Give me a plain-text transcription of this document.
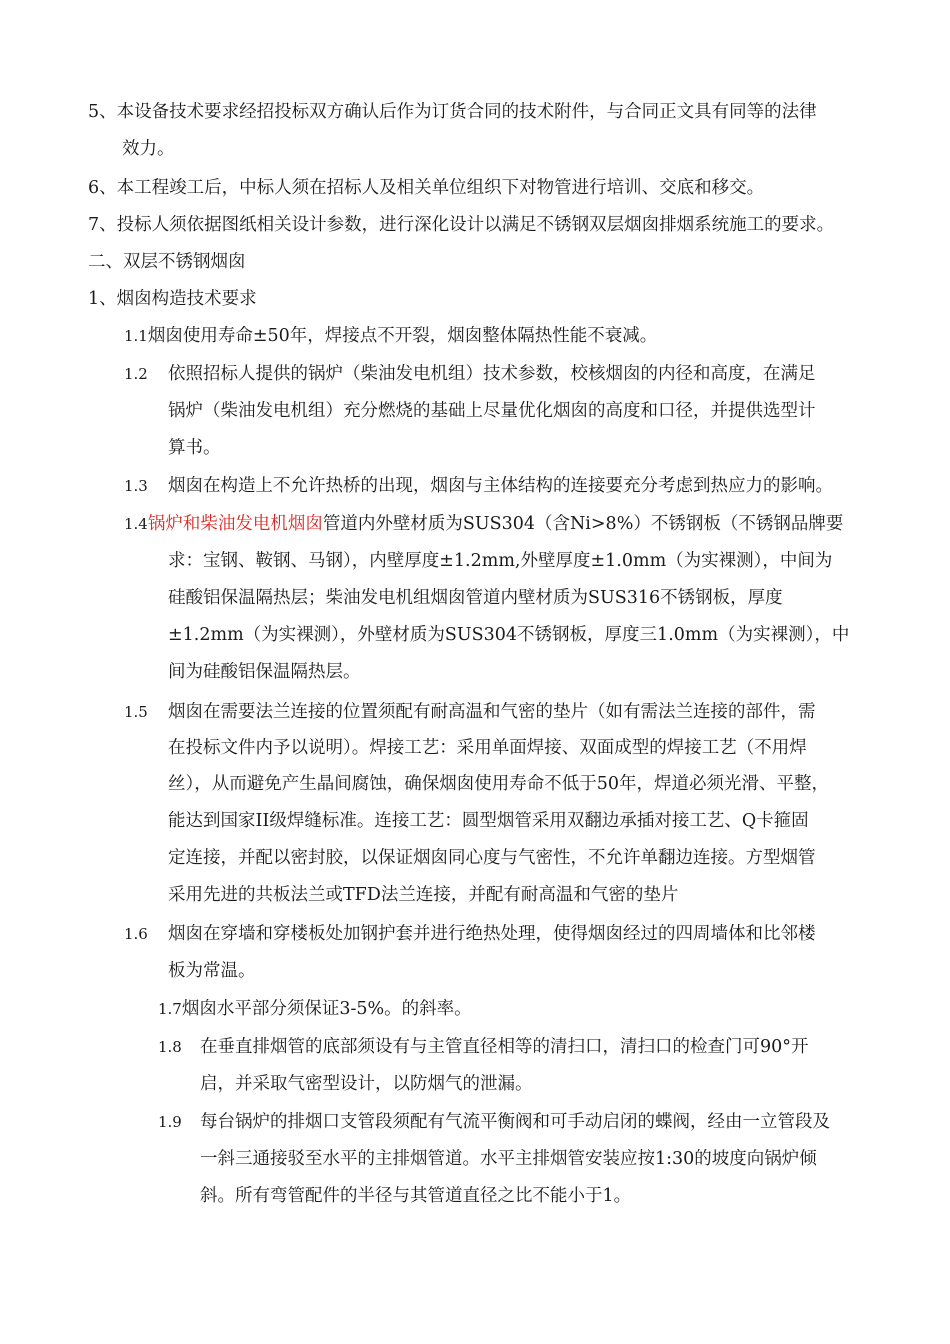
5、本设备技术要求经招投标双方确认后作为订货合同的技术附件，与合同正文具有同等的法律
效力。
6、本工程竣工后，中标人须在招标人及相关单位组织下对物管进行培训、交底和移交。
7、投标人须依据图纸相关设计参数，进行深化设计以满足不锈钢双层烟囱排烟系统施工的要求。
二、双层不锈钢烟囱
1、烟囱构造技术要求
1.1烟囱使用寿命±50年，焊接点不开裂，烟囱整体隔热性能不衰减。
1.2 依照招标人提供的锅炉（柴油发电机组）技术参数，校核烟囱的内径和高度，在满足
锅炉（柴油发电机组）充分燃烧的基础上尽量优化烟囱的高度和口径，并提供选型计
算书。
1.3 烟囱在构造上不允许热桥的出现，烟囱与主体结构的连接要充分考虑到热应力的影响。
1.4锅炉和柴油发电机烟囱管道内外壁材质为SUS304（含Ni>8%）不锈钢板（不锈钢品牌要
求：宝钢、鞍钢、马钢），内壁厚度±1.2mm,外壁厚度±1.0mm（为实裸测），中间为
硅酸铝保温隔热层；柴油发电机组烟囱管道内壁材质为SUS316不锈钢板，厚度
±1.2mm（为实裸测），外壁材质为SUS304不锈钢板，厚度三1.0mm（为实裸测），中
间为硅酸铝保温隔热层。
1.5 烟囱在需要法兰连接的位置须配有耐高温和气密的垫片（如有需法兰连接的部件，需
在投标文件内予以说明）。焊接工艺：采用单面焊接、双面成型的焊接工艺（不用焊
丝），从而避免产生晶间腐蚀，确保烟囱使用寿命不低于50年，焊道必须光滑、平整，
能达到国家II级焊缝标准。连接工艺：圆型烟管采用双翻边承插对接工艺、Q卡箍固
定连接，并配以密封胶，以保证烟囱同心度与气密性，不允许单翻边连接。方型烟管
采用先进的共板法兰或TFD法兰连接，并配有耐高温和气密的垫片
1.6 烟囱在穿墙和穿楼板处加钢护套并进行绝热处理，使得烟囱经过的四周墙体和比邻楼
板为常温。
1.7烟囱水平部分须保证3-5%。的斜率。
1.8 在垂直排烟管的底部须设有与主管直径相等的清扫口，清扫口的检查门可90°开
启，并采取气密型设计，以防烟气的泄漏。
1.9 每台锅炉的排烟口支管段须配有气流平衡阀和可手动启闭的蝶阀，经由一立管段及
一斜三通接驳至水平的主排烟管道。水平主排烟管安装应按1:30的坡度向锅炉倾
斜。所有弯管配件的半径与其管道直径之比不能小于1。
